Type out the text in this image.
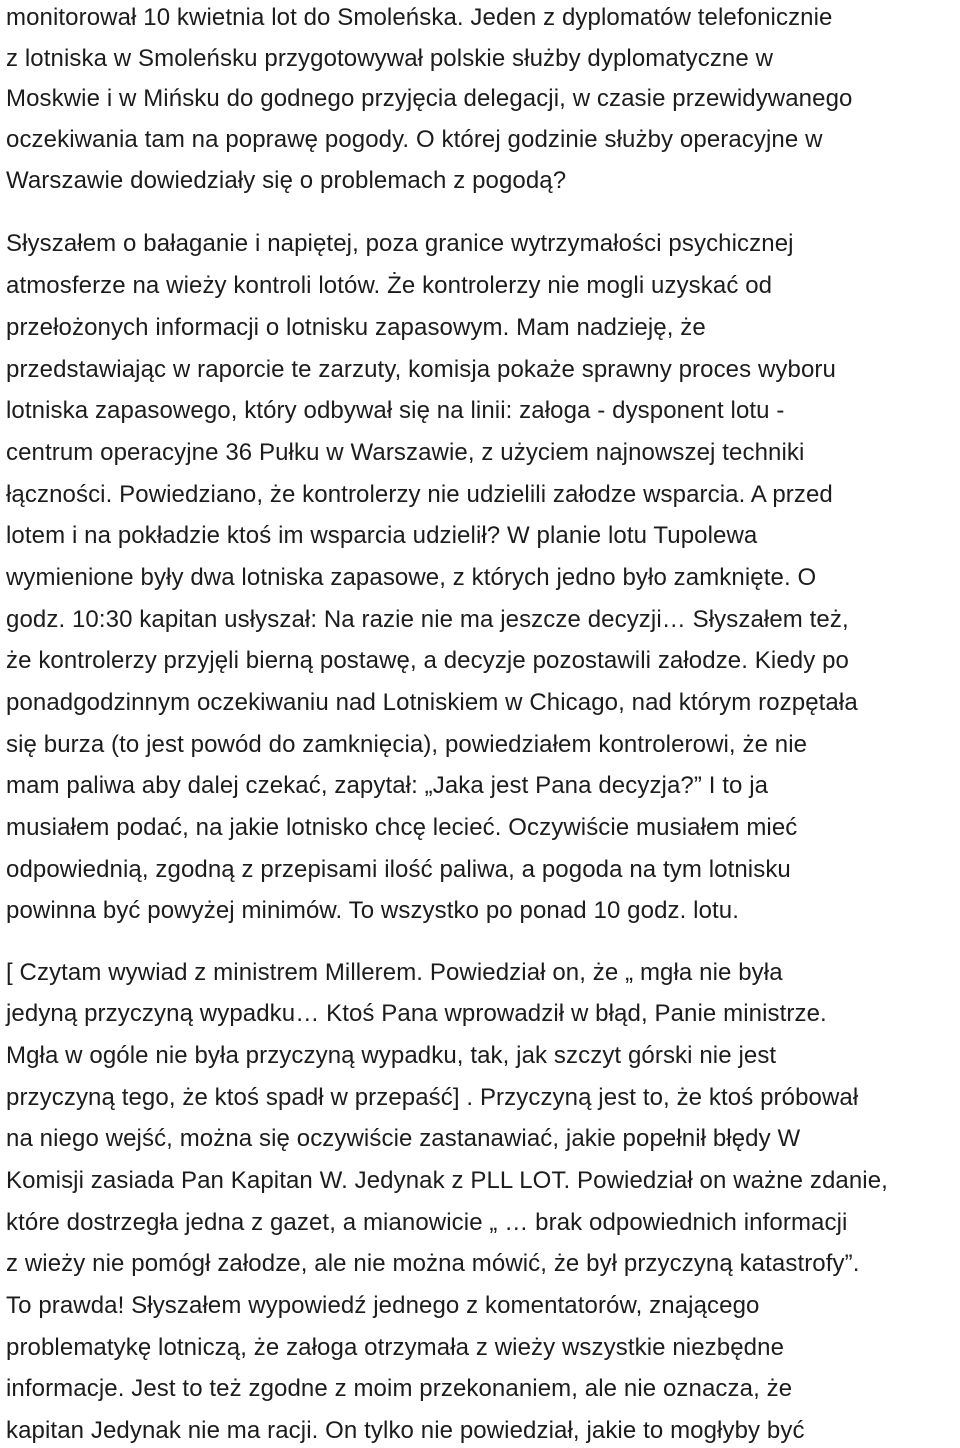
monitorował 10 kwietnia lot do Smoleńska. Jeden z dyplomatów telefonicznie
z lotniska w Smoleńsku przygotowywał polskie służby dyplomatyczne w
Moskwie i w Mińsku do godnego przyjęcia delegacji, w czasie przewidywanego
oczekiwania tam na poprawę pogody. O której godzinie służby operacyjne w
Warszawie dowiedziały się o problemach z pogodą?
Słyszałem o bałaganie i napiętej, poza granice wytrzymałości psychicznej
atmosferze na wieży kontroli lotów. Że kontrolerzy nie mogli uzyskać od
przełożonych informacji o lotnisku zapasowym. Mam nadzieję, że
przedstawiając w raporcie te zarzuty, komisja pokaże sprawny proces wyboru
lotniska zapasowego, który odbywał się na linii: załoga - dysponent lotu -
centrum operacyjne 36 Pułku w Warszawie, z użyciem najnowszej techniki
łączności. Powiedziano, że kontrolerzy nie udzielili załodze wsparcia. A przed
lotem i na pokładzie ktoś im wsparcia udzielił? W planie lotu Tupolewa
wymienione były dwa lotniska zapasowe, z których jedno było zamknięte. O
godz. 10:30 kapitan usłyszał: Na razie nie ma jeszcze decyzji… Słyszałem też,
że kontrolerzy przyjęli bierną postawę, a decyzje pozostawili załodze. Kiedy po
ponadgodzinnym oczekiwaniu nad Lotniskiem w Chicago, nad którym rozpętała
się burza (to jest powód do zamknięcia), powiedziałem kontrolerowi, że nie
mam paliwa aby dalej czekać, zapytał: „Jaka jest Pana decyzja?” I to ja
musiałem podać, na jakie lotnisko chcę lecieć. Oczywiście musiałem mieć
odpowiednią, zgodną z przepisami ilość paliwa, a pogoda na tym lotnisku
powinna być powyżej minimów. To wszystko po ponad 10 godz. lotu.
[ Czytam wywiad z ministrem Millerem. Powiedział on, że „ mgła nie była
jedyną przyczyną wypadku… Ktoś Pana wprowadził w błąd, Panie ministrze.
Mgła w ogóle nie była przyczyną wypadku, tak, jak szczyt górski nie jest
przyczyną tego, że ktoś spadł w przepaść] . Przyczyną jest to, że ktoś próbował
na niego wejść, można się oczywiście zastanawiać, jakie popełnił błędy W
Komisji zasiada Pan Kapitan W. Jedynak z PLL LOT. Powiedział on ważne zdanie,
które dostrzegła jedna z gazet, a mianowicie „ … brak odpowiednich informacji
z wieży nie pomógł załodze, ale nie można mówić, że był przyczyną katastrofy”.
To prawda! Słyszałem wypowiedź jednego z komentatorów, znającego
problematykę lotniczą, że załoga otrzymała z wieży wszystkie niezbędne
informacje. Jest to też zgodne z moim przekonaniem, ale nie oznacza, że
kapitan Jedynak nie ma racji. On tylko nie powiedział, jakie to mogłyby być
